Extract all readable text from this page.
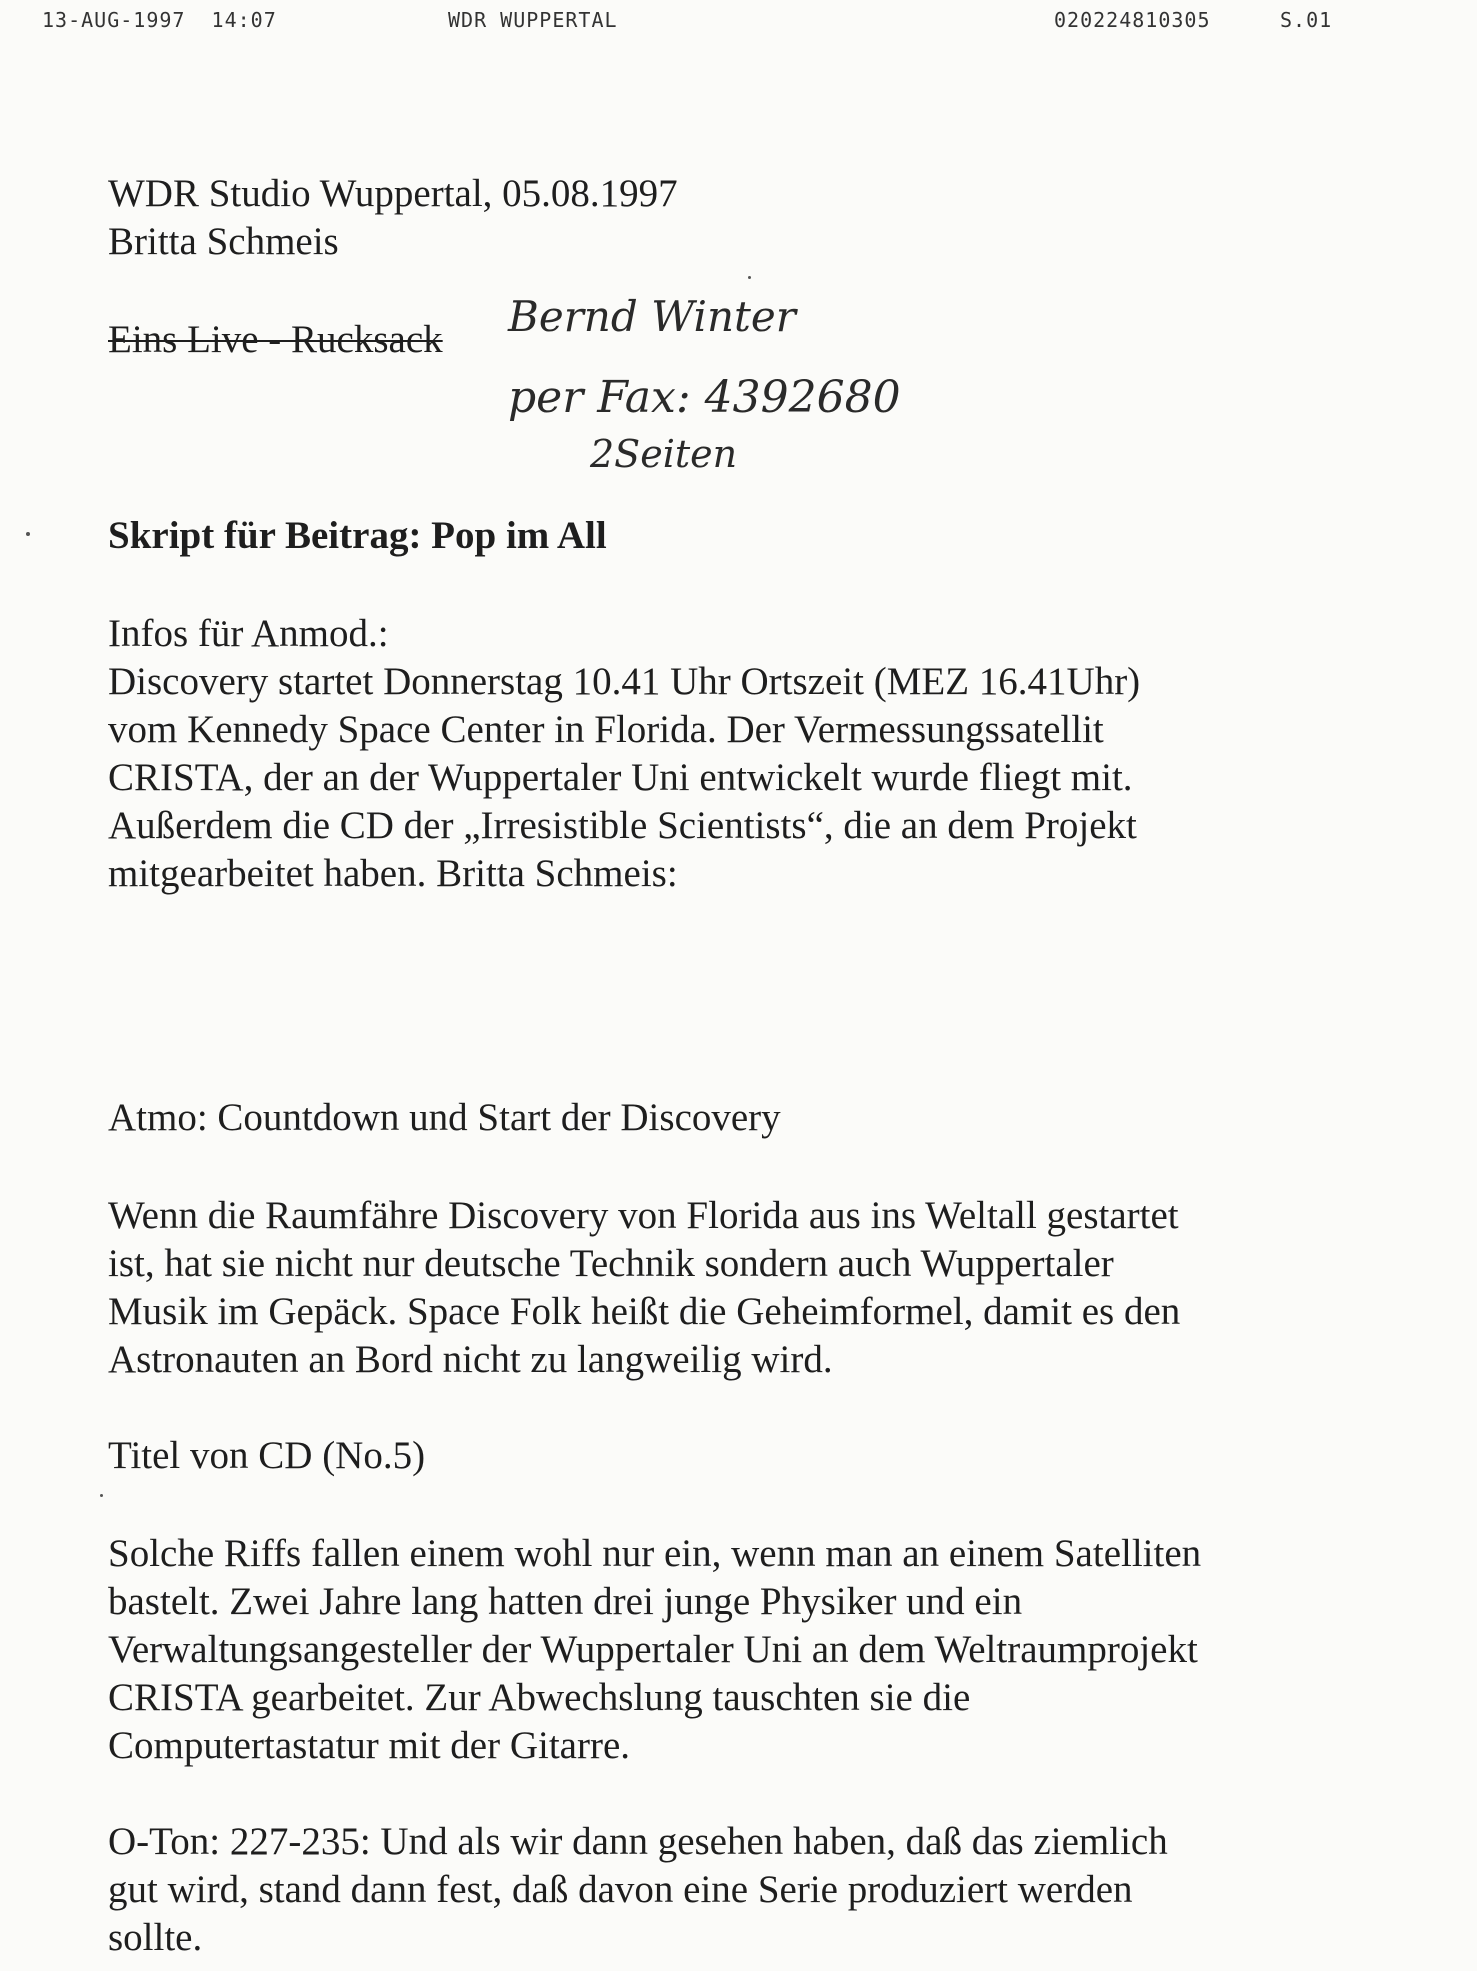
13-AUG-1997 14:07	WDR WUPPERTAL	020224810305	S.01
WDR Studio Wuppertal, 05.08.1997
Britta Schmeis
Eins Live - Rucksack Bernd Winter
per Fax: 4392680
2Seiten
Skript für Beitrag: Pop im All
Infos für Anmod.:
Discovery startet Donnerstag 10.41 Uhr Ortszeit (MEZ 16.41Uhr)
vom Kennedy Space Center in Florida. Der Vermessungssatellit
CRISTA, der an der Wuppertaler Uni entwickelt wurde fliegt mit.
Außerdem die CD der „Irresistible Scientists“, die an dem Projekt
mitgearbeitet haben. Britta Schmeis:
Atmo: Countdown und Start der Discovery
Wenn die Raumfähre Discovery von Florida aus ins Weltall gestartet
ist, hat sie nicht nur deutsche Technik sondern auch Wuppertaler
Musik im Gepäck. Space Folk heißt die Geheimformel, damit es den
Astronauten an Bord nicht zu langweilig wird.
Titel von CD (No.5)
Solche Riffs fallen einem wohl nur ein, wenn man an einem Satelliten
bastelt. Zwei Jahre lang hatten drei junge Physiker und ein
Verwaltungsangesteller der Wuppertaler Uni an dem Weltraumprojekt
CRISTA gearbeitet. Zur Abwechslung tauschten sie die
Computertastatur mit der Gitarre.
O-Ton: 227-235: Und als wir dann gesehen haben, daß das ziemlich
gut wird, stand dann fest, daß davon eine Serie produziert werden
sollte.
